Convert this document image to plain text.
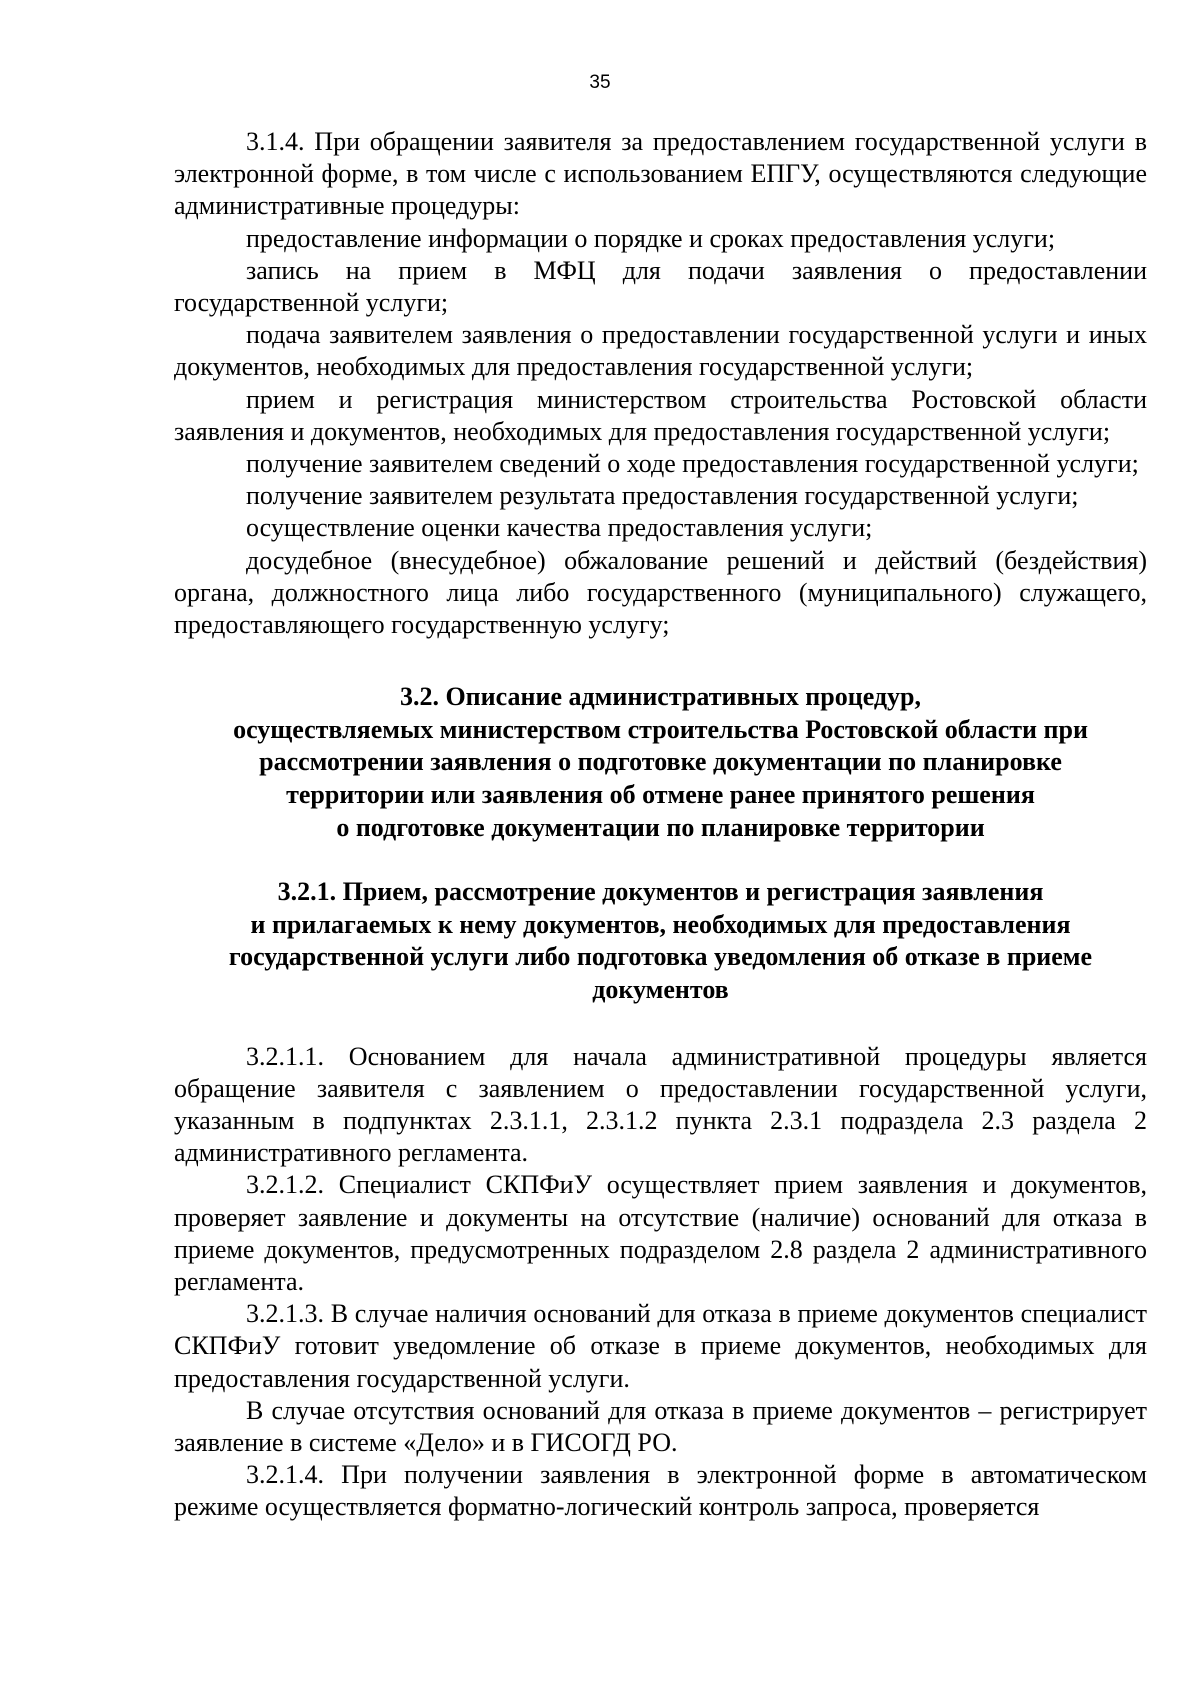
35

3.1.4. При обращении заявителя за предоставлением государственной услуги в электронной форме, в том числе с использованием ЕПГУ, осуществляются следующие административные процедуры:

предоставление информации о порядке и сроках предоставления услуги;

запись на прием в МФЦ для подачи заявления о предоставлении государственной услуги;

подача заявителем заявления о предоставлении государственной услуги и иных документов, необходимых для предоставления государственной услуги;

прием и регистрация министерством строительства Ростовской области заявления и документов, необходимых для предоставления государственной услуги;

получение заявителем сведений о ходе предоставления государственной услуги;

получение заявителем результата предоставления государственной услуги;

осуществление оценки качества предоставления услуги;

досудебное (внесудебное) обжалование решений и действий (бездействия) органа, должностного лица либо государственного (муниципального) служащего, предоставляющего государственную услугу;

3.2. Описание административных процедур,
осуществляемых министерством строительства Ростовской области при
рассмотрении заявления о подготовке документации по планировке
территории или заявления об отмене ранее принятого решения
о подготовке документации по планировке территории
3.2.1. Прием, рассмотрение документов и регистрация заявления
и прилагаемых к нему документов, необходимых для предоставления
государственной услуги либо подготовка уведомления об отказе в приеме
документов

3.2.1.1. Основанием для начала административной процедуры является обращение заявителя с заявлением о предоставлении государственной услуги, указанным в подпунктах 2.3.1.1, 2.3.1.2 пункта 2.3.1 подраздела 2.3 раздела 2 административного регламента.

3.2.1.2. Специалист СКПФиУ осуществляет прием заявления и документов, проверяет заявление и документы на отсутствие (наличие) оснований для отказа в приеме документов, предусмотренных подразделом 2.8 раздела 2 административного регламента.

3.2.1.3. В случае наличия оснований для отказа в приеме документов специалист СКПФиУ готовит уведомление об отказе в приеме документов, необходимых для предоставления государственной услуги.

В случае отсутствия оснований для отказа в приеме документов – регистрирует заявление в системе «Дело» и в ГИСОГД РО.

3.2.1.4. При получении заявления в электронной форме в автоматическом режиме осуществляется форматно-логический контроль запроса, проверяется
